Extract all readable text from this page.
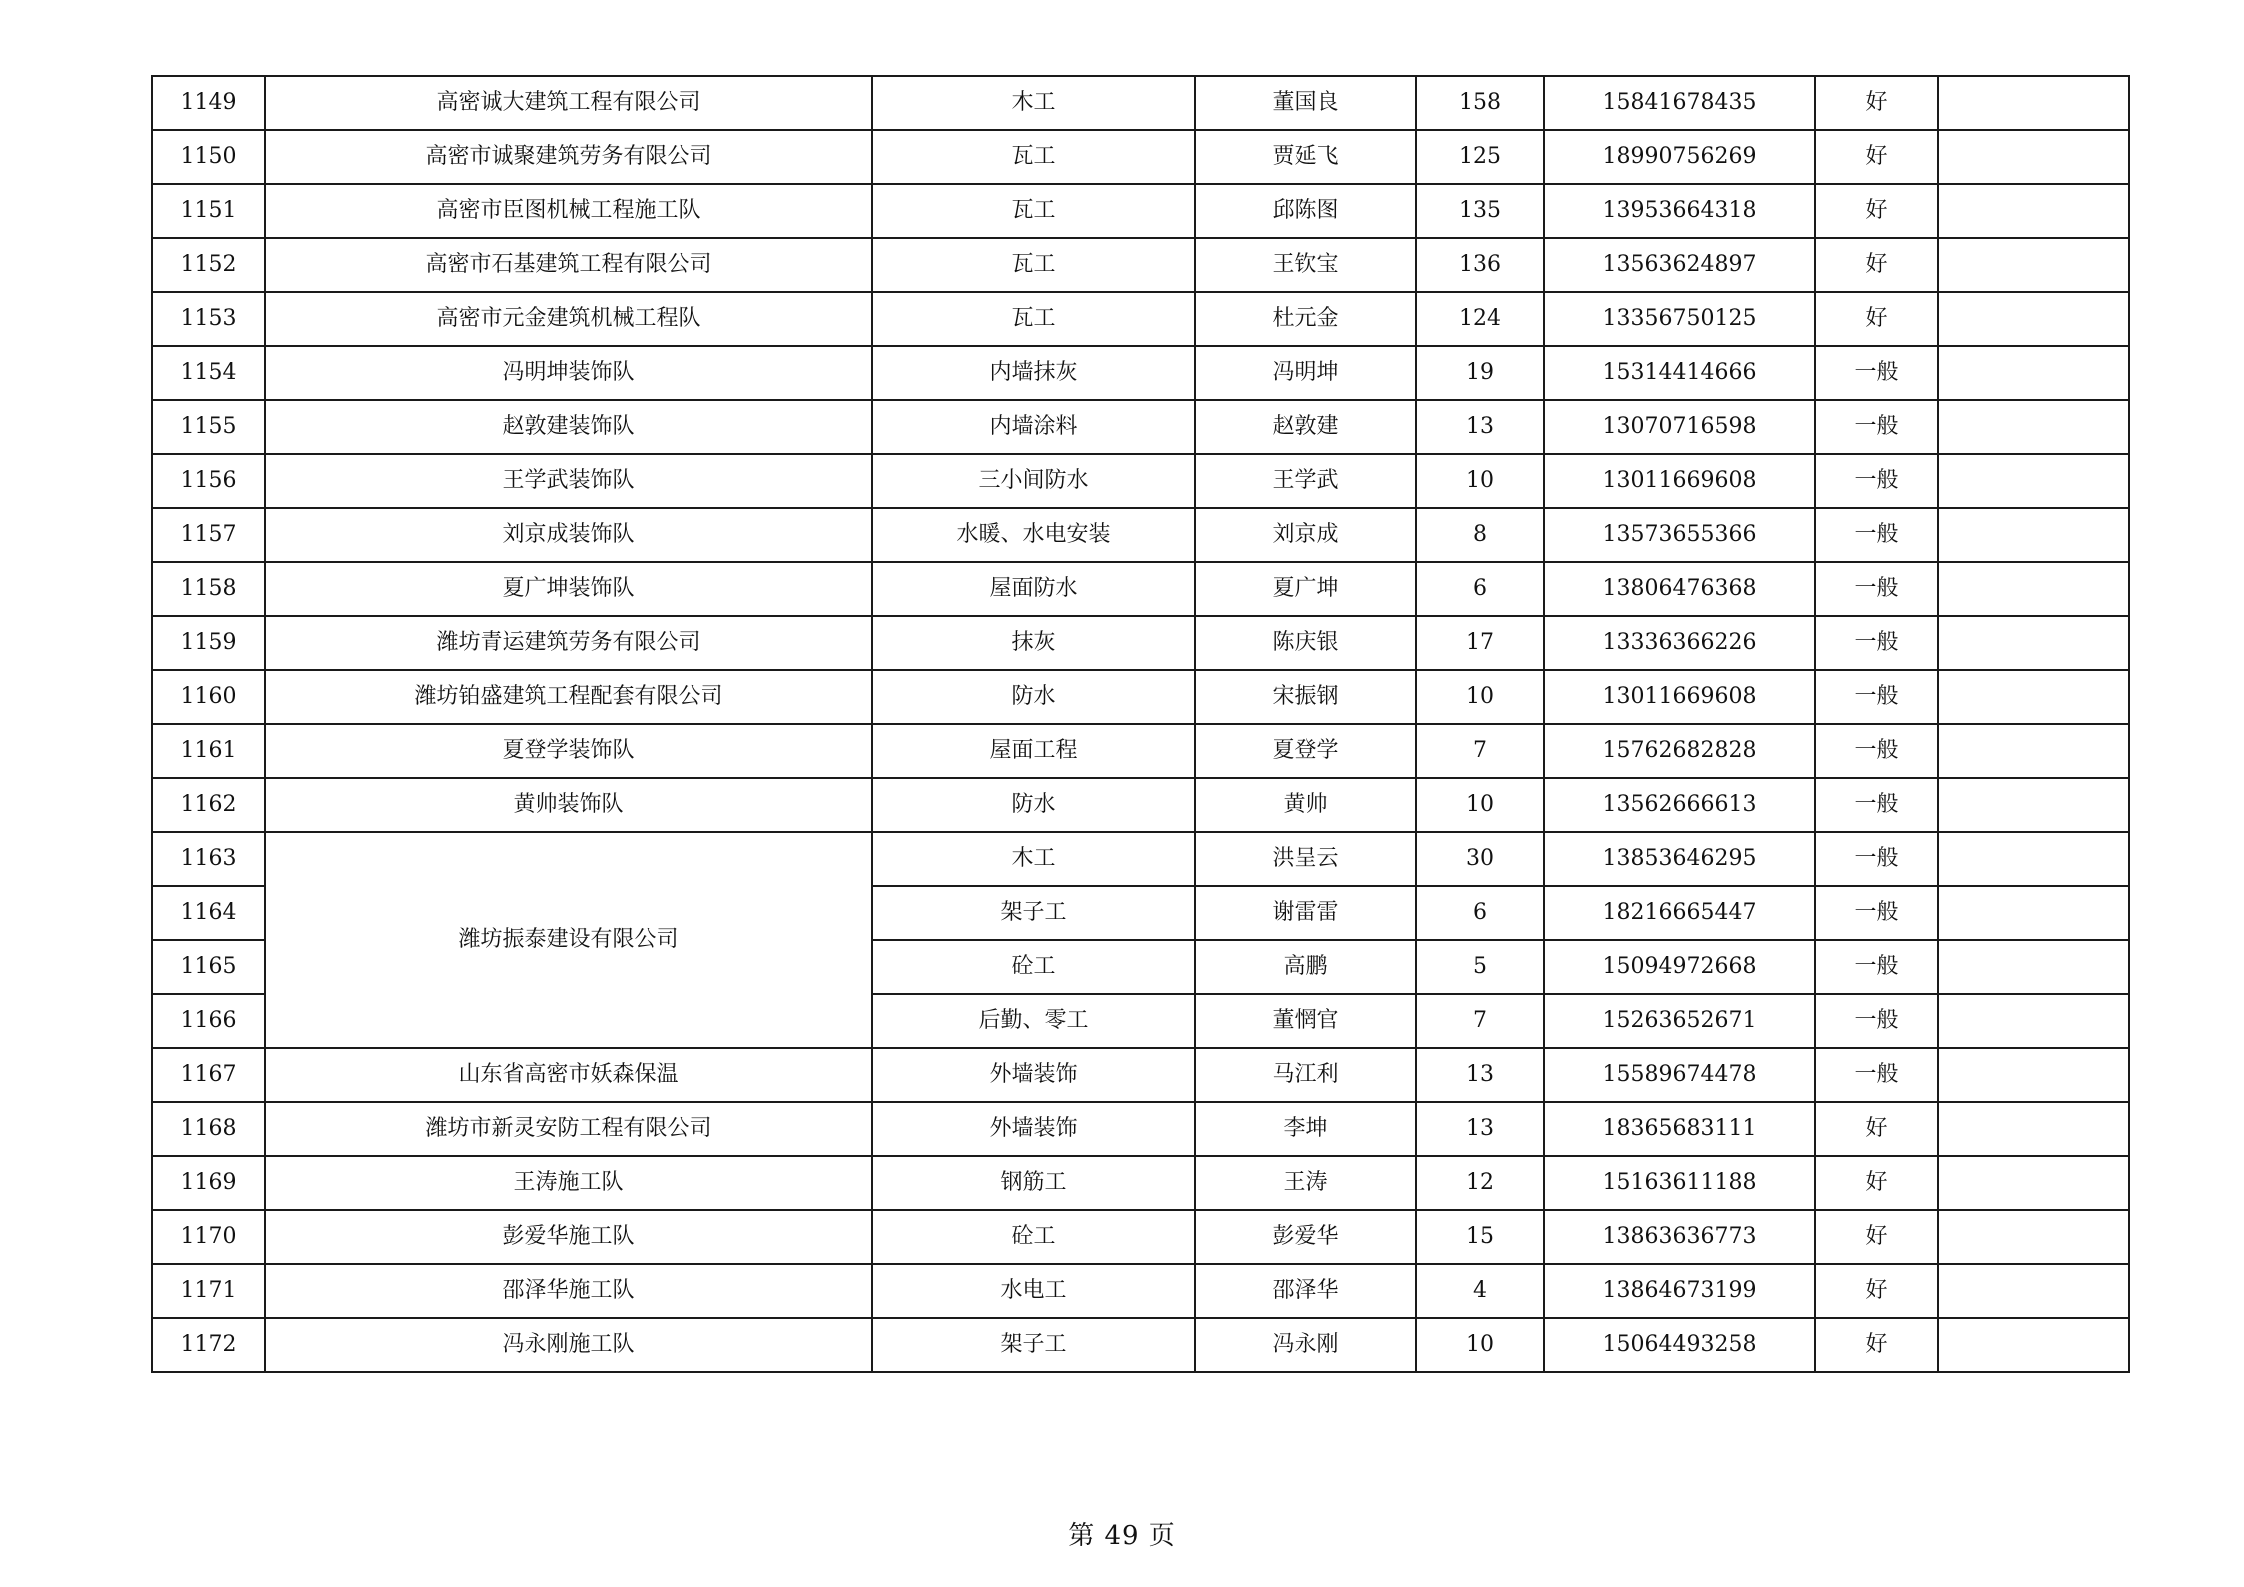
1149	高密诚大建筑工程有限公司	木工	董国良	158	15841678435	好	
1150	高密市诚聚建筑劳务有限公司	瓦工	贾延飞	125	18990756269	好	
1151	高密市臣图机械工程施工队	瓦工	邱陈图	135	13953664318	好	
1152	高密市石基建筑工程有限公司	瓦工	王钦宝	136	13563624897	好	
1153	高密市元金建筑机械工程队	瓦工	杜元金	124	13356750125	好	
1154	冯明坤装饰队	内墙抹灰	冯明坤	19	15314414666	一般	
1155	赵敦建装饰队	内墙涂料	赵敦建	13	13070716598	一般	
1156	王学武装饰队	三小间防水	王学武	10	13011669608	一般	
1157	刘京成装饰队	水暖、水电安装	刘京成	8	13573655366	一般	
1158	夏广坤装饰队	屋面防水	夏广坤	6	13806476368	一般	
1159	潍坊青运建筑劳务有限公司	抹灰	陈庆银	17	13336366226	一般	
1160	潍坊铂盛建筑工程配套有限公司	防水	宋振钢	10	13011669608	一般	
1161	夏登学装饰队	屋面工程	夏登学	7	15762682828	一般	
1162	黄帅装饰队	防水	黄帅	10	13562666613	一般	
1163	潍坊振泰建设有限公司	木工	洪呈云	30	13853646295	一般	
1164		架子工	谢雷雷	6	18216665447	一般	
1165		砼工	高鹏	5	15094972668	一般	
1166		后勤、零工	董惘官	7	15263652671	一般	
1167	山东省高密市妖森保温	外墙装饰	马江利	13	15589674478	一般	
1168	潍坊市新灵安防工程有限公司	外墙装饰	李坤	13	18365683111	好	
1169	王涛施工队	钢筋工	王涛	12	15163611188	好	
1170	彭爱华施工队	砼工	彭爱华	15	13863636773	好	
1171	邵泽华施工队	水电工	邵泽华	4	13864673199	好	
1172	冯永刚施工队	架子工	冯永刚	10	15064493258	好	
第 49 页
